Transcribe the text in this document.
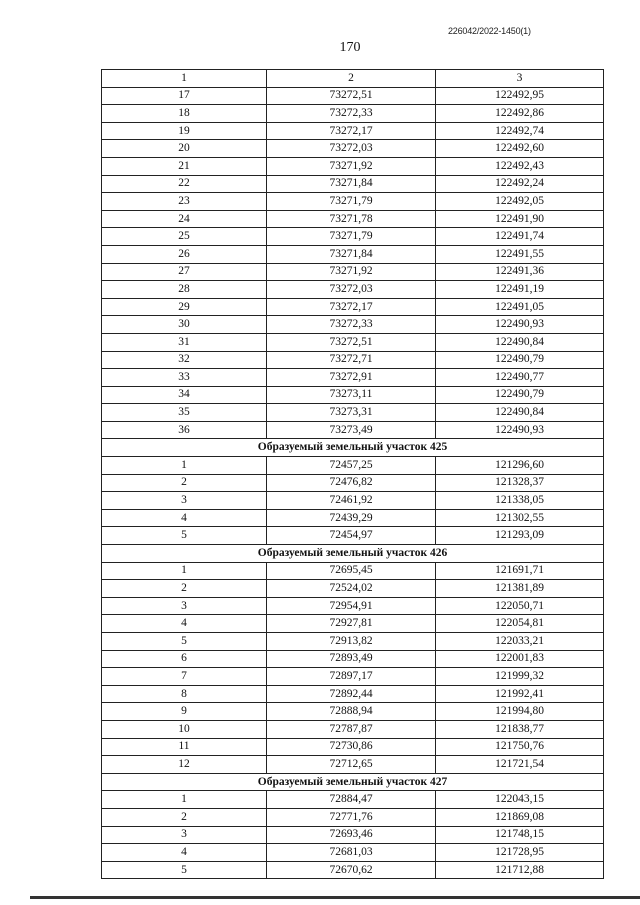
226042/2022-1450(1)
170
1	2	3
17	73272,51	122492,95
18	73272,33	122492,86
19	73272,17	122492,74
20	73272,03	122492,60
21	73271,92	122492,43
22	73271,84	122492,24
23	73271,79	122492,05
24	73271,78	122491,90
25	73271,79	122491,74
26	73271,84	122491,55
27	73271,92	122491,36
28	73272,03	122491,19
29	73272,17	122491,05
30	73272,33	122490,93
31	73272,51	122490,84
32	73272,71	122490,79
33	73272,91	122490,77
34	73273,11	122490,79
35	73273,31	122490,84
36	73273,49	122490,93
Образуемый земельный участок 425		
1	72457,25	121296,60
2	72476,82	121328,37
3	72461,92	121338,05
4	72439,29	121302,55
5	72454,97	121293,09
Образуемый земельный участок 426		
1	72695,45	121691,71
2	72524,02	121381,89
3	72954,91	122050,71
4	72927,81	122054,81
5	72913,82	122033,21
6	72893,49	122001,83
7	72897,17	121999,32
8	72892,44	121992,41
9	72888,94	121994,80
10	72787,87	121838,77
11	72730,86	121750,76
12	72712,65	121721,54
Образуемый земельный участок 427		
1	72884,47	122043,15
2	72771,76	121869,08
3	72693,46	121748,15
4	72681,03	121728,95
5	72670,62	121712,88
